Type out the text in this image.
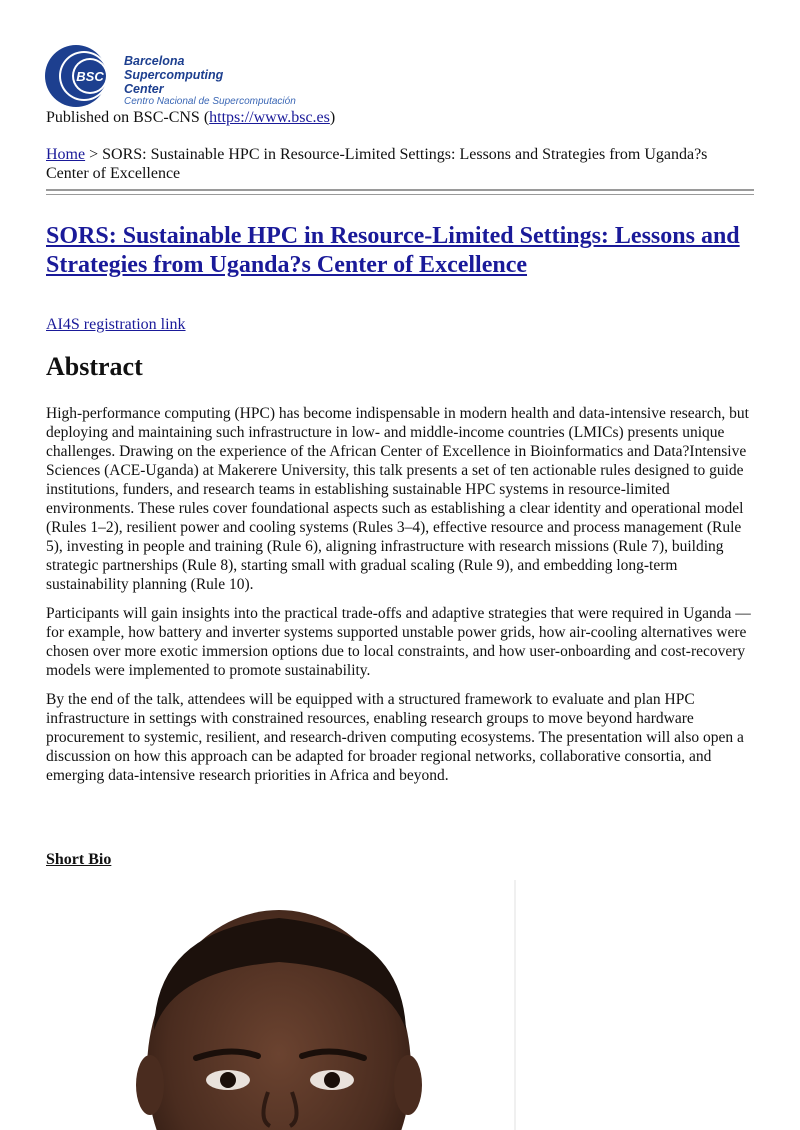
BSC
Barcelona
Supercomputing
Center
Centro Nacional de Supercomputación
Published on BSC-CNS (https://www.bsc.es)
Home > SORS: Sustainable HPC in Resource-Limited Settings: Lessons and Strategies from Uganda?s Center of Excellence
SORS: Sustainable HPC in Resource-Limited Settings: Lessons and Strategies from Uganda?s Center of Excellence
AI4S registration link
Abstract

High-performance computing (HPC) has become indispensable in modern health and data-intensive research, but deploying and maintaining such infrastructure in low- and middle-income countries (LMICs) presents unique challenges. Drawing on the experience of the African Center of Excellence in Bioinformatics and Data?Intensive Sciences (ACE-Uganda) at Makerere University, this talk presents a set of ten actionable rules designed to guide institutions, funders, and research teams in establishing sustainable HPC systems in resource-limited environments. These rules cover foundational aspects such as establishing a clear identity and operational model (Rules 1–2), resilient power and cooling systems (Rules 3–4), effective resource and process management (Rule 5), investing in people and training (Rule 6), aligning infrastructure with research missions (Rule 7), building strategic partnerships (Rule 8), starting small with gradual scaling (Rule 9), and embedding long-term sustainability planning (Rule 10).

Participants will gain insights into the practical trade-offs and adaptive strategies that were required in Uganda — for example, how battery and inverter systems supported unstable power grids, how air-cooling alternatives were chosen over more exotic immersion options due to local constraints, and how user-onboarding and cost-recovery models were implemented to promote sustainability.

By the end of the talk, attendees will be equipped with a structured framework to evaluate and plan HPC infrastructure in settings with constrained resources, enabling research groups to move beyond hardware procurement to systemic, resilient, and research-driven computing ecosystems. The presentation will also open a discussion on how this approach can be adapted for broader regional networks, collaborative consortia, and emerging data-intensive research priorities in Africa and beyond.

Short Bio
